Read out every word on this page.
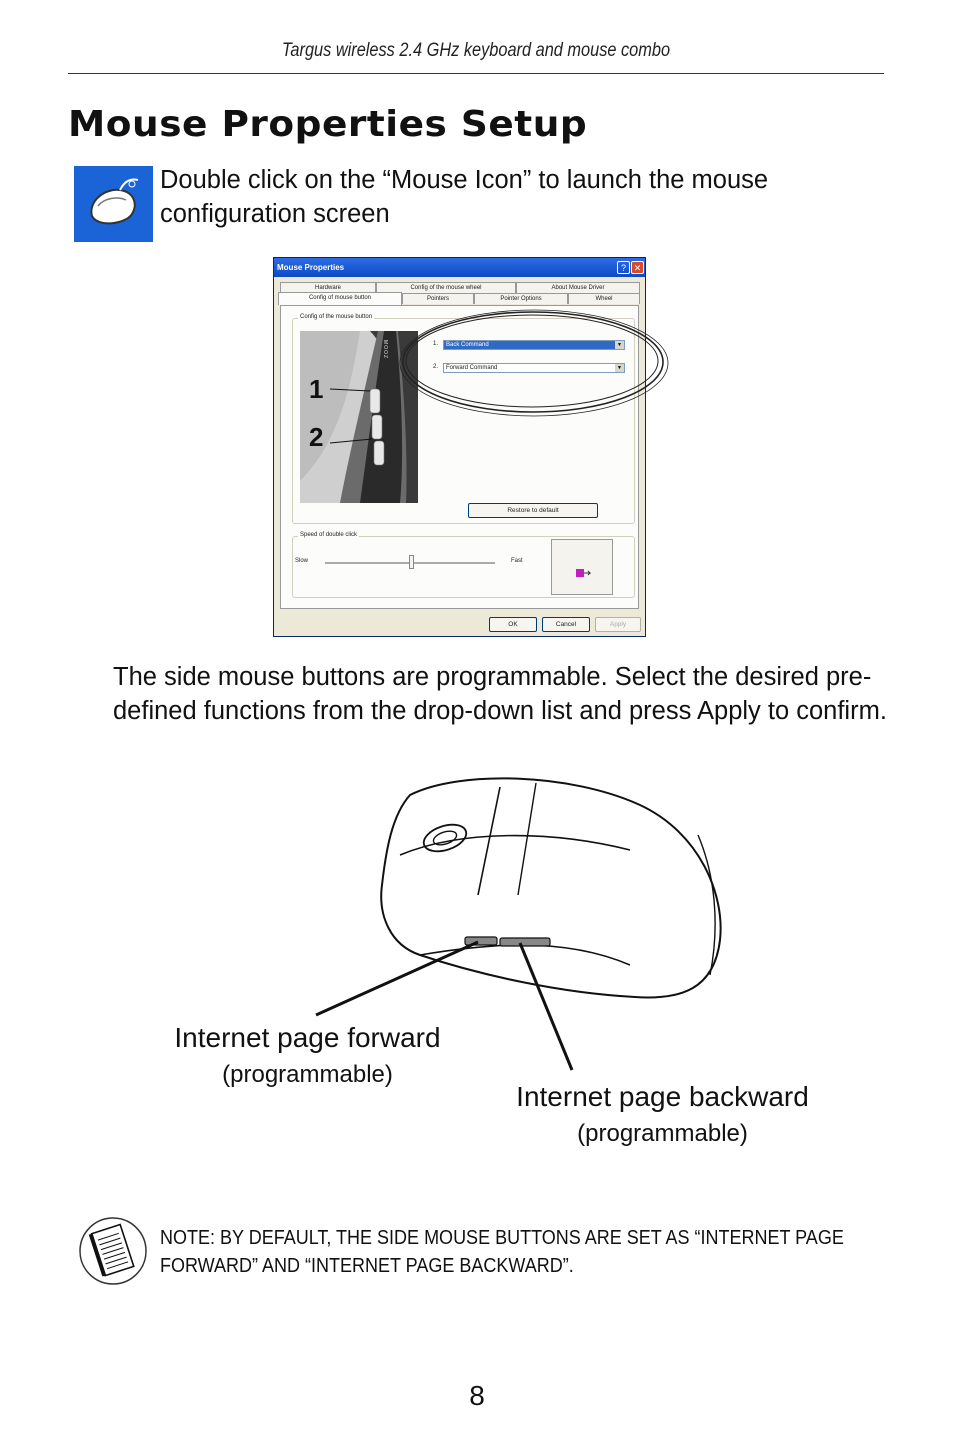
Targus wireless 2.4 GHz keyboard and mouse combo
Mouse Properties Setup
Double click on the “Mouse Icon” to launch the mouse configuration screen
Mouse Properties	? ✕
Hardware	Config of the mouse wheel	About Mouse Driver
Config of mouse button	Pointers	Pointer Options	Wheel
Config of the mouse button
1
2
MOOZ	1.	Back Command	▼
2.	Forward Command	▼
Restore to default
Speed of double click
Slow	Fast
OK	Cancel	Apply
The side mouse buttons are programmable. Select the desired pre-defined functions from the drop-down list and press Apply to confirm.
Internet page forward
(programmable)
Internet page backward
(programmable)
NOTE: BY DEFAULT, THE SIDE MOUSE BUTTONS ARE SET AS “INTERNET PAGE FORWARD” AND “INTERNET PAGE BACKWARD”.
8
